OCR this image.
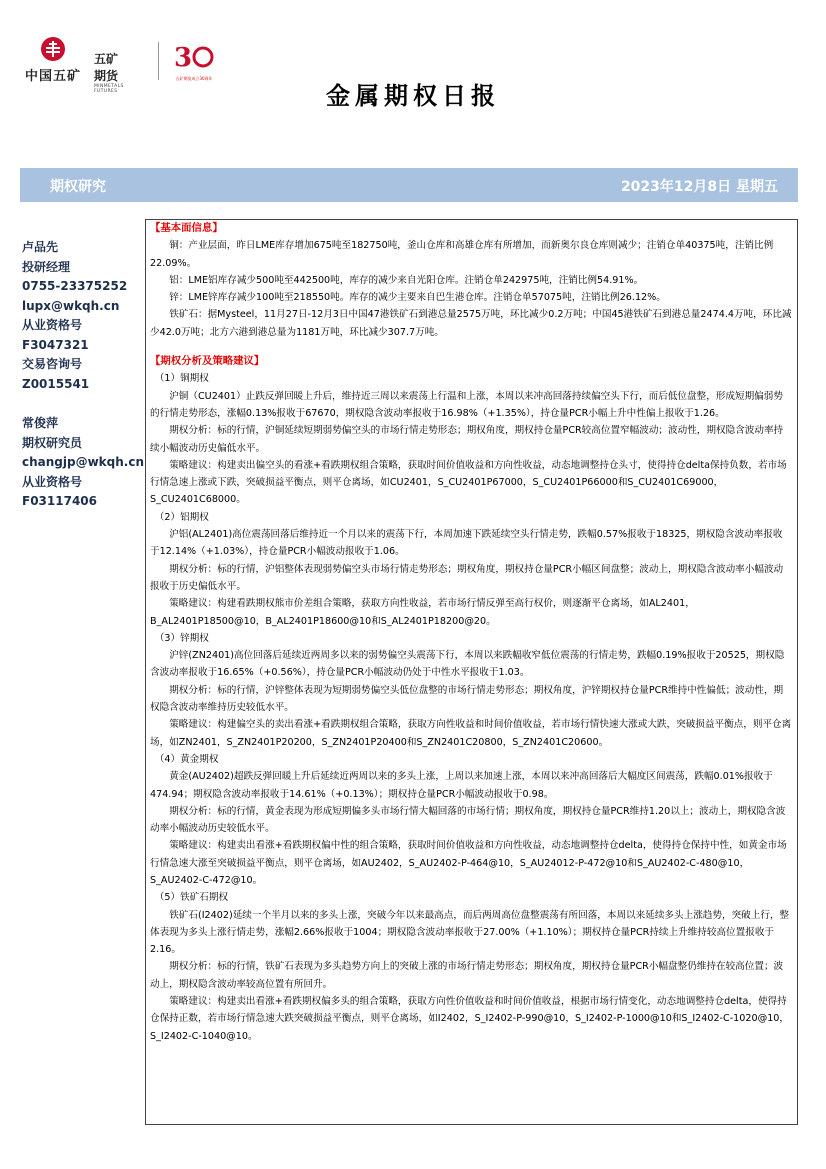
中国五矿
五矿期货
MINMETALS FUTURES
3
五矿期货成立30周年
金属期权日报
期权研究	2023年12月8日 星期五
卢品先
投研经理
0755-23375252
lupx@wkqh.cn
从业资格号
F3047321
交易咨询号
Z0015541
常俊萍
期权研究员
changjp@wkqh.cn
从业资格号
F03117406

【基本面信息】

铜：产业层面，昨日LME库存增加675吨至182750吨，釜山仓库和高雄仓库有所增加，而新奥尔良仓库则减少；注销仓单40375吨，注销比例22.09%。

铝：LME铝库存减少500吨至442500吨，库存的减少来自光阳仓库。注销仓单242975吨，注销比例54.91%。

锌：LME锌库存减少100吨至218550吨。库存的减少主要来自巴生港仓库。注销仓单57075吨，注销比例26.12%。

铁矿石：据Mysteel，11月27日-12月3日中国47港铁矿石到港总量2575万吨，环比减少0.2万吨；中国45港铁矿石到港总量2474.4万吨，环比减少42.0万吨；北方六港到港总量为1181万吨，环比减少307.7万吨。

【期权分析及策略建议】

（1）铜期权

沪铜（CU2401）止跌反弹回暖上升后，维持近三周以来震荡上行温和上涨，本周以来冲高回落持续偏空头下行，而后低位盘整，形成短期偏弱势的行情走势形态，涨幅0.13%报收于67670，期权隐含波动率报收于16.98%（+1.35%），持仓量PCR小幅上升中性偏上报收于1.26。

期权分析：标的行情，沪铜延续短期弱势偏空头的市场行情走势形态；期权角度，期权持仓量PCR较高位置窄幅波动；波动性，期权隐含波动率持续小幅波动历史偏低水平。

策略建议：构建卖出偏空头的看涨+看跌期权组合策略，获取时间价值收益和方向性收益，动态地调整持仓头寸，使得持仓delta保持负数，若市场行情急速上涨或下跌，突破损益平衡点，则平仓离场，如CU2401，S_CU2401P67000，S_CU2401P66000和S_CU2401C69000，S_CU2401C68000。

（2）铝期权

沪铝(AL2401)高位震荡回落后维持近一个月以来的震荡下行，本周加速下跌延续空头行情走势，跌幅0.57%报收于18325，期权隐含波动率报收于12.14%（+1.03%），持仓量PCR小幅波动报收于1.06。

期权分析：标的行情，沪铝整体表现弱势偏空头市场行情走势形态；期权角度，期权持仓量PCR小幅区间盘整；波动上，期权隐含波动率小幅波动报收于历史偏低水平。

策略建议：构建看跌期权熊市价差组合策略，获取方向性收益，若市场行情反弹至高行权价，则逐渐平仓离场，如AL2401，B_AL2401P18500@10，B_AL2401P18600@10和S_AL2401P18200@20。

（3）锌期权

沪锌(ZN2401)高位回落后延续近两周多以来的弱势偏空头震荡下行，本周以来跌幅收窄低位震荡的行情走势，跌幅0.19%报收于20525，期权隐含波动率报收于16.65%（+0.56%），持仓量PCR小幅波动仍处于中性水平报收于1.03。

期权分析：标的行情，沪锌整体表现为短期弱势偏空头低位盘整的市场行情走势形态；期权角度，沪锌期权持仓量PCR维持中性偏低；波动性，期权隐含波动率维持历史较低水平。

策略建议：构建偏空头的卖出看涨+看跌期权组合策略，获取方向性收益和时间价值收益，若市场行情快速大涨或大跌，突破损益平衡点，则平仓离场，如ZN2401，S_ZN2401P20200，S_ZN2401P20400和S_ZN2401C20800，S_ZN2401C20600。

（4）黄金期权

黄金(AU2402)超跌反弹回暖上升后延续近两周以来的多头上涨，上周以来加速上涨，本周以来冲高回落后大幅度区间震荡，跌幅0.01%报收于474.94；期权隐含波动率报收于14.61%（+0.13%）；期权持仓量PCR小幅波动报收于0.98。

期权分析：标的行情，黄金表现为形成短期偏多头市场行情大幅回落的市场行情；期权角度，期权持仓量PCR维持1.20以上；波动上，期权隐含波动率小幅波动历史较低水平。

策略建议：构建卖出看涨+看跌期权偏中性的组合策略，获取时间价值收益和方向性收益，动态地调整持仓delta，使得持仓保持中性，如黄金市场行情急速大涨至突破损益平衡点，则平仓离场，如AU2402，S_AU2402-P-464@10，S_AU24012-P-472@10和S_AU2402-C-480@10，S_AU2402-C-472@10。

（5）铁矿石期权

铁矿石(I2402)延续一个半月以来的多头上涨，突破今年以来最高点，而后两周高位盘整震荡有所回落，本周以来延续多头上涨趋势，突破上行，整体表现为多头上涨行情走势，涨幅2.66%报收于1004；期权隐含波动率报收于27.00%（+1.10%）；期权持仓量PCR持续上升维持较高位置报收于2.16。

期权分析：标的行情，铁矿石表现为多头趋势方向上的突破上涨的市场行情走势形态；期权角度，期权持仓量PCR小幅盘整仍维持在较高位置；波动上，期权隐含波动率较高位置有所回升。

策略建议：构建卖出看涨+看跌期权偏多头的组合策略，获取方向性价值收益和时间价值收益，根据市场行情变化，动态地调整持仓delta，使得持仓保持正数，若市场行情急速大跌突破损益平衡点，则平仓离场，如I2402，S_I2402-P-990@10，S_I2402-P-1000@10和S_I2402-C-1020@10，S_I2402-C-1040@10。
